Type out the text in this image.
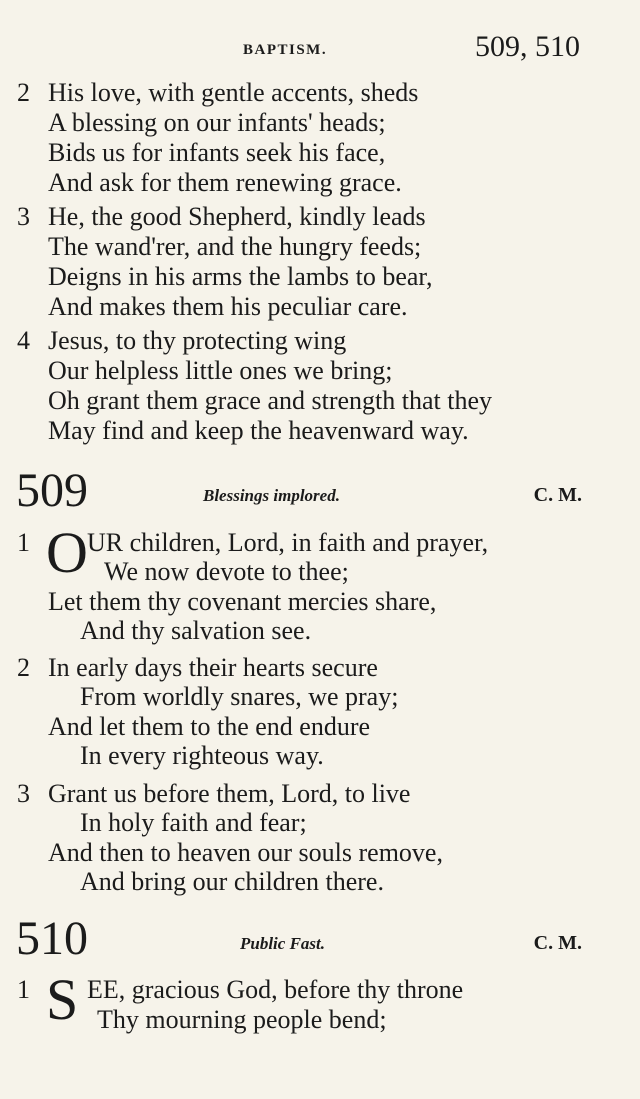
BAPTISM.	509, 510
2 His love, with gentle accents, sheds
A blessing on our infants' heads;
Bids us for infants seek his face,
And ask for them renewing grace.
3 He, the good Shepherd, kindly leads
The wand'rer, and the hungry feeds;
Deigns in his arms the lambs to bear,
And makes them his peculiar care.
4 Jesus, to thy protecting wing
Our helpless little ones we bring;
Oh grant them grace and strength that they
May find and keep the heavenward way.
509	Blessings implored.	C. M.
1 O UR children, Lord, in faith and prayer,
We now devote to thee;
Let them thy covenant mercies share,
And thy salvation see.
2 In early days their hearts secure
From worldly snares, we pray;
And let them to the end endure
In every righteous way.
3 Grant us before them, Lord, to live
In holy faith and fear;
And then to heaven our souls remove,
And bring our children there.
510	Public Fast.	C. M.
1 S EE, gracious God, before thy throne
Thy mourning people bend;
